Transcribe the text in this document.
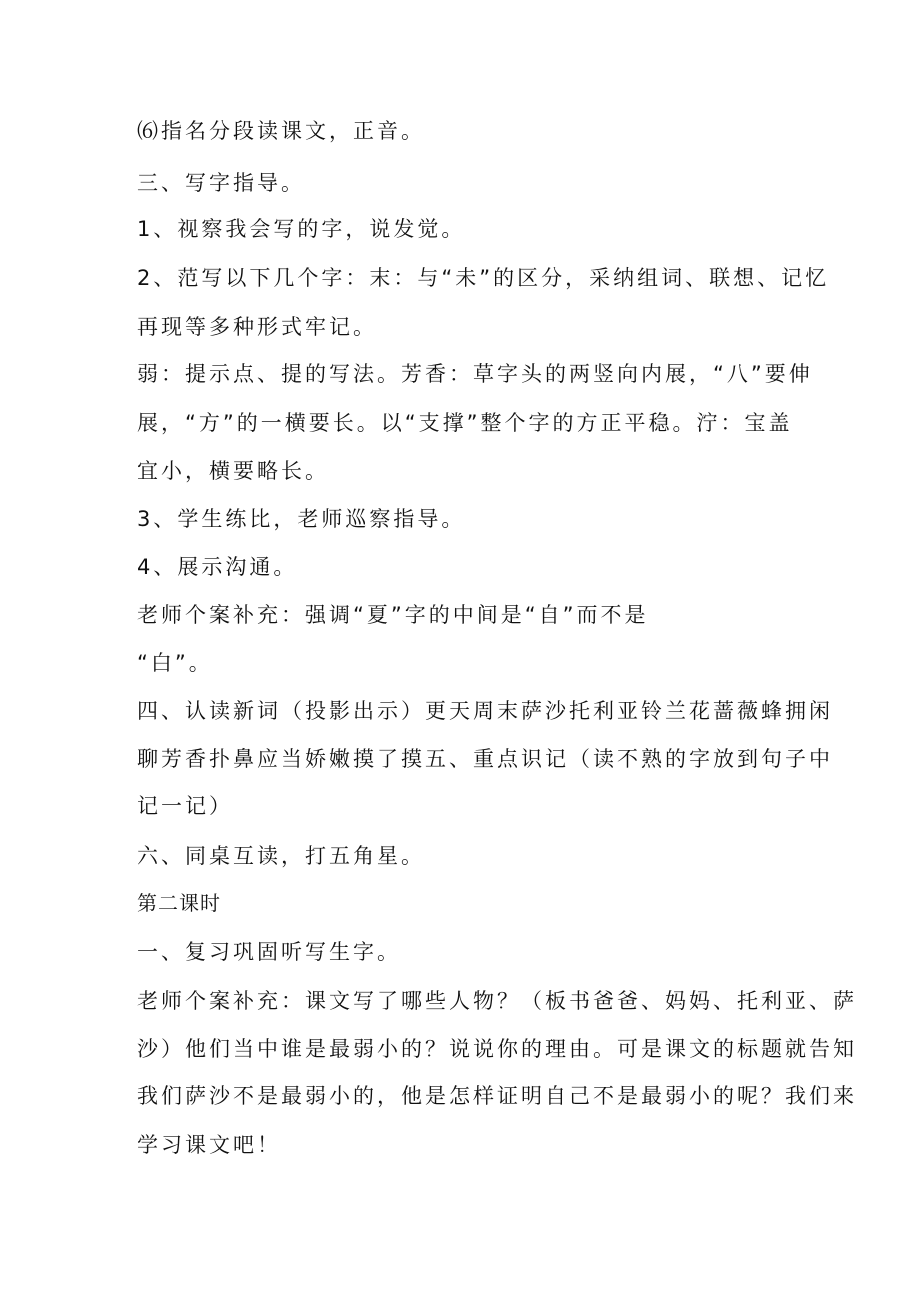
⑹指名分段读课文，正音。
三、写字指导。
1、视察我会写的字，说发觉。
2、范写以下几个字：末：与“未”的区分，采纳组词、联想、记忆
再现等多种形式牢记。
弱：提示点、提的写法。芳香：草字头的两竖向内展，“八”要伸
展，“方”的一横要长。以“支撑”整个字的方正平稳。泞：宝盖
宜小，横要略长。
3、学生练比，老师巡察指导。
4、展示沟通。
老师个案补充：强调“夏”字的中间是“自”而不是
“白”。
四、认读新词（投影出示）更天周末萨沙托利亚铃兰花蔷薇蜂拥闲
聊芳香扑鼻应当娇嫩摸了摸五、重点识记（读不熟的字放到句子中
记一记）
六、同桌互读，打五角星。
第二课时
一、复习巩固听写生字。
老师个案补充：课文写了哪些人物？（板书爸爸、妈妈、托利亚、萨
沙）他们当中谁是最弱小的？说说你的理由。可是课文的标题就告知
我们萨沙不是最弱小的，他是怎样证明自己不是最弱小的呢？我们来
学习课文吧！
